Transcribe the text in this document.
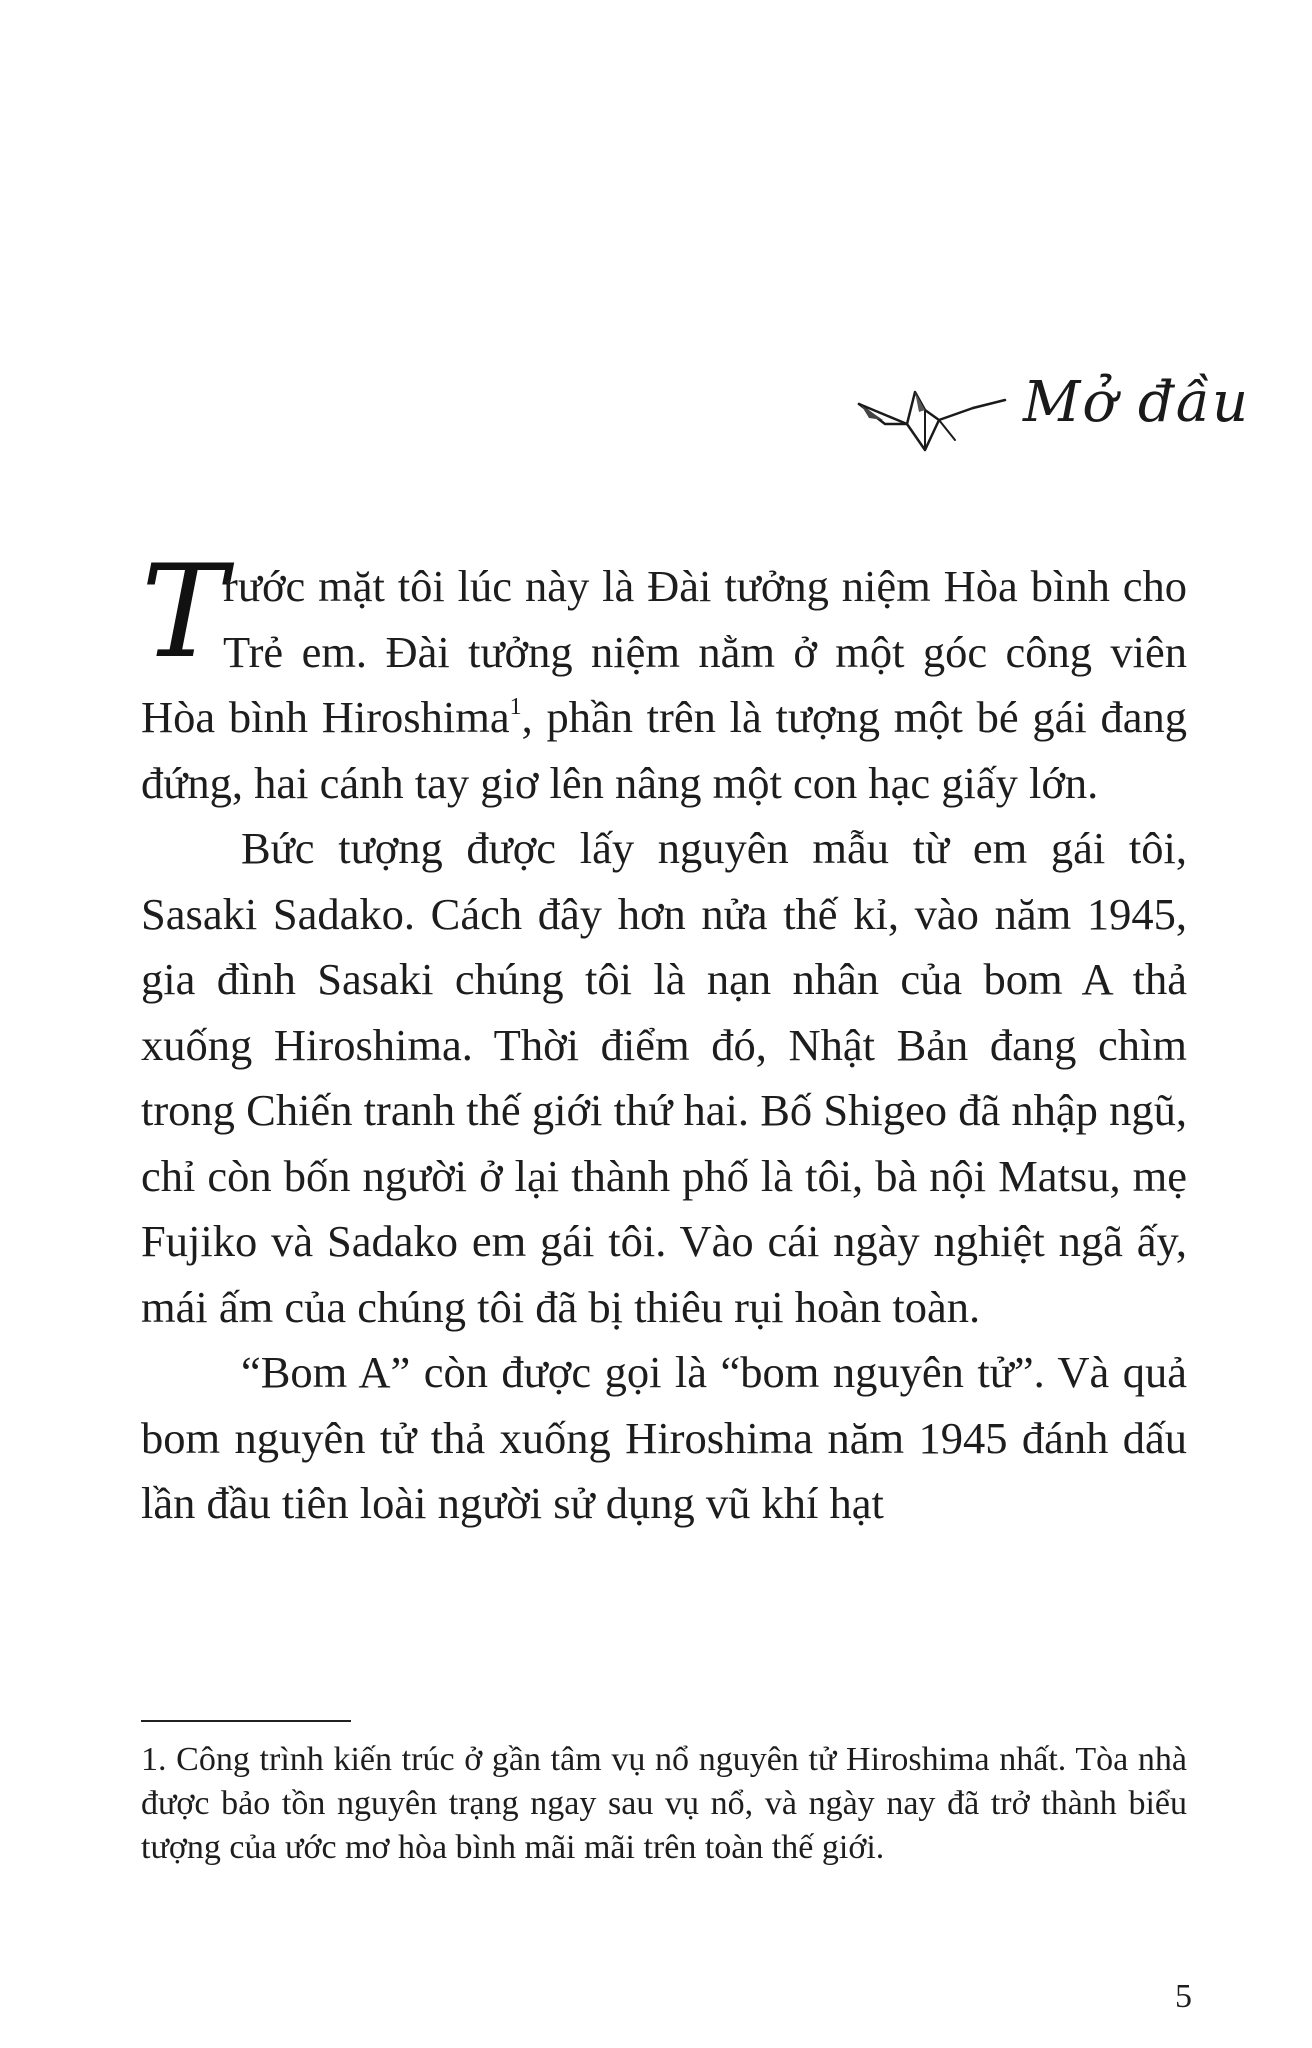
Mở đầu

T
rước mặt tôi lúc này là Đài tưởng niệm Hòa bình cho Trẻ em. Đài tưởng niệm nằm ở một góc công viên Hòa bình Hiroshima$^1$, phần trên là tượng một bé gái đang đứng, hai cánh tay giơ lên nâng một con hạc giấy lớn.

Bức tượng được lấy nguyên mẫu từ em gái tôi, Sasaki Sadako. Cách đây hơn nửa thế kỉ, vào năm 1945, gia đình Sasaki chúng tôi là nạn nhân của bom A thả xuống Hiroshima. Thời điểm đó, Nhật Bản đang chìm trong Chiến tranh thế giới thứ hai. Bố Shigeo đã nhập ngũ, chỉ còn bốn người ở lại thành phố là tôi, bà nội Matsu, mẹ Fujiko và Sadako em gái tôi. Vào cái ngày nghiệt ngã ấy, mái ấm của chúng tôi đã bị thiêu rụi hoàn toàn.

“Bom A” còn được gọi là “bom nguyên tử”. Và quả bom nguyên tử thả xuống Hiroshima năm 1945 đánh dấu lần đầu tiên loài người sử dụng vũ khí hạt

1. Công trình kiến trúc ở gần tâm vụ nổ nguyên tử Hiroshima nhất. Tòa nhà được bảo tồn nguyên trạng ngay sau vụ nổ, và ngày nay đã trở thành biểu tượng của ước mơ hòa bình mãi mãi trên toàn thế giới.

5
